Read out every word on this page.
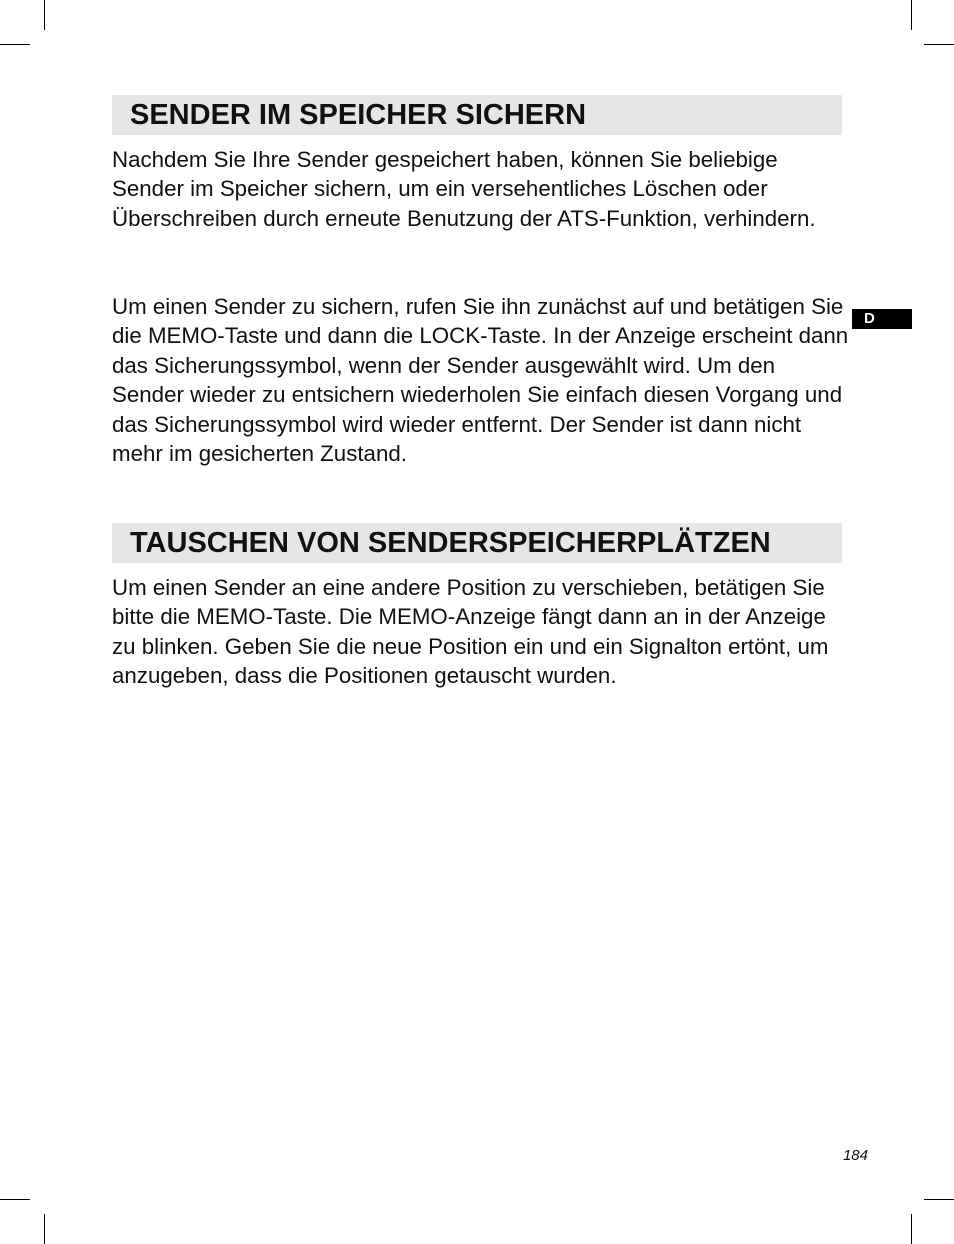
SENDER IM SPEICHER SICHERN

Nachdem Sie Ihre Sender gespeichert haben, können Sie beliebige Sender im Speicher sichern, um ein versehentliches Löschen oder Überschreiben durch erneute Benutzung der ATS-Funktion, verhindern.

Um einen Sender zu sichern, rufen Sie ihn zunächst auf und betätigen Sie die MEMO-Taste und dann die LOCK-Taste. In der Anzeige erscheint dann das Sicherungssymbol, wenn der Sender ausgewählt wird. Um den Sender wieder zu entsichern wiederholen Sie einfach diesen Vorgang und das Sicherungssymbol wird wieder entfernt. Der Sender ist dann nicht mehr im gesicherten Zustand.

TAUSCHEN VON SENDERSPEICHERPLÄTZEN

Um einen Sender an eine andere Position zu verschieben, betätigen Sie bitte die MEMO-Taste. Die MEMO-Anzeige fängt dann an in der Anzeige zu blinken. Geben Sie die neue Position ein und ein Signalton ertönt, um anzugeben, dass die Positionen getauscht wurden.

D
184
